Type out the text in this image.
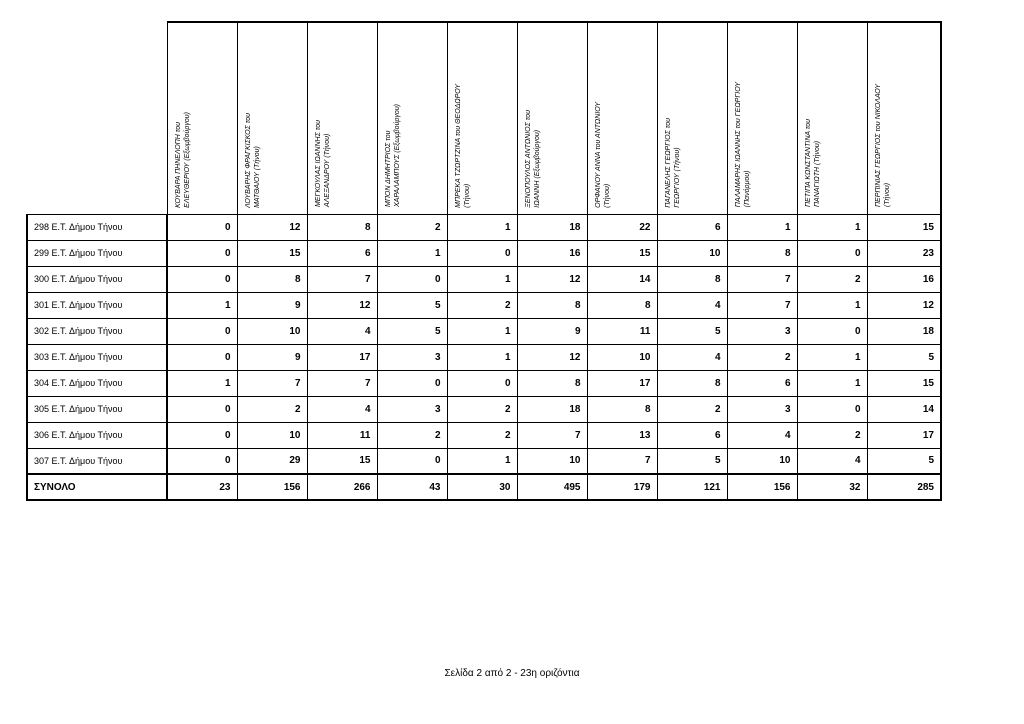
	ΚΟΥΒΑΡΑ ΠΗΝΕΛΟΠΗ του
ΕΛΕΥΘΕΡΙΟΥ (Εξωμβούργου)	ΛΟΥΒΑΡΗΣ ΦΡΑΓΚΙΣΚΟΣ του
ΜΑΤΘΑΙΟΥ (Τήνου)	ΜΕΓΚΟΥΛΑΣ ΙΩΑΝΝΗΣ του
ΑΛΕΞΑΝΔΡΟΥ (Τήνου)	ΜΠΟΝ ΔΗΜΗΤΡΙΟΣ του
ΧΑΡΑΛΑΜΠΟΥΣ (Εξωμβούργου)	ΜΠΡΕΚΑ ΤΖΩΡΤΖΙΝΑ του ΘΕΟΔΩΡΟΥ
(Τήνου)	ΞΕΝΟΠΟΥΛΟΣ ΑΝΤΩΝΙΟΣ του
ΙΩΑΝΝΗ (Εξωμβούργου)	ΟΡΦΑΝΟΥ ΑΝΝΑ του ΑΝΤΩΝΙΟΥ
(Τήνου)	ΠΑΓΑΝΕΛΗΣ ΓΕΩΡΓΙΟΣ του
ΓΕΩΡΓΙΟΥ (Τήνου)	ΠΑΛΑΜΑΡΗΣ ΙΩΑΝΝΗΣ του ΓΕΩΡΓΙΟΥ
(Πανόρμου)	ΠΕΤΙΠΑ ΚΩΝΣΤΑΝΤΙΝΑ του
ΠΑΝΑΓΙΩΤΗ (Τήνου)	ΠΕΡΠΙΝΙΑΣ ΓΕΩΡΓΙΟΣ του ΝΙΚΟΛΑΟΥ
(Τήνου)

298 Ε.Τ. Δήμου Τήνου	0	12	8	2	1	18	22	6	1	1	15
299 Ε.Τ. Δήμου Τήνου	0	15	6	1	0	16	15	10	8	0	23
300 Ε.Τ. Δήμου Τήνου	0	8	7	0	1	12	14	8	7	2	16
301 Ε.Τ. Δήμου Τήνου	1	9	12	5	2	8	8	4	7	1	12
302 Ε.Τ. Δήμου Τήνου	0	10	4	5	1	9	11	5	3	0	18
303 Ε.Τ. Δήμου Τήνου	0	9	17	3	1	12	10	4	2	1	5
304 Ε.Τ. Δήμου Τήνου	1	7	7	0	0	8	17	8	6	1	15
305 Ε.Τ. Δήμου Τήνου	0	2	4	3	2	18	8	2	3	0	14
306 Ε.Τ. Δήμου Τήνου	0	10	11	2	2	7	13	6	4	2	17
307 Ε.Τ. Δήμου Τήνου	0	29	15	0	1	10	7	5	10	4	5
ΣΥΝΟΛΟ	23	156	266	43	30	495	179	121	156	32	285
Σελίδα 2 από 2 - 23η οριζόντια
